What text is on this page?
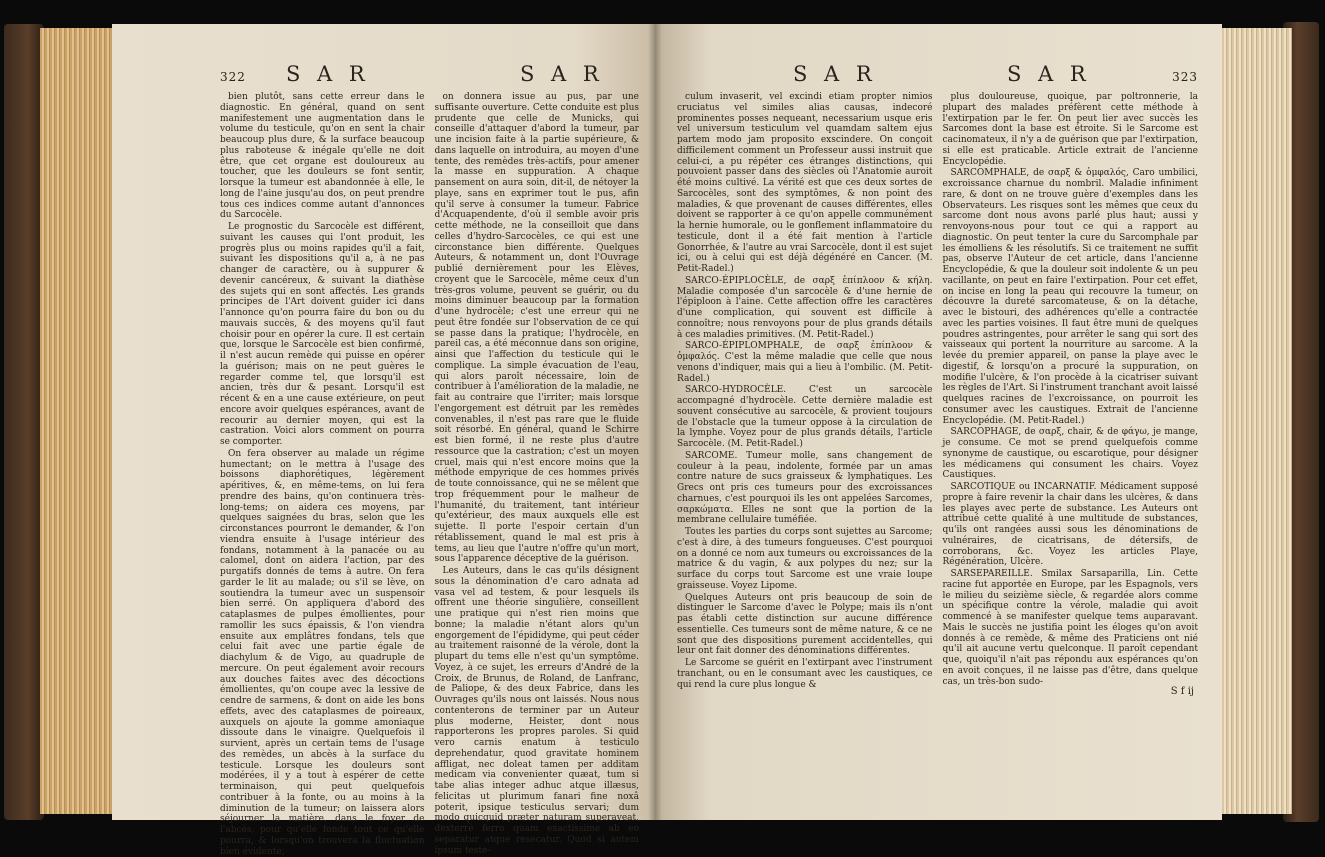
322 S A R	S A R

bien plutôt, sans cette erreur dans le diagnostic. En général, quand on sent manifestement une augmentation dans le volume du testicule, qu'on en sent la chair beaucoup plus dure, & la surface beaucoup plus raboteuse & inégale qu'elle ne doit être, que cet organe est douloureux au toucher, que les douleurs se font sentir, lorsque la tumeur est abandonnée à elle, le long de l'aine jusqu'au dos, on peut prendre tous ces indices comme autant d'annonces du Sarcocèle.

Le prognostic du Sarcocèle est différent, suivant les causes qui l'ont produit, les progrès plus ou moins rapides qu'il a fait, suivant les dispositions qu'il a, à ne pas changer de caractère, ou à suppurer & devenir cancéreux, & suivant la diathèse des sujets qui en sont affectés. Les grands principes de l'Art doivent guider ici dans l'annonce qu'on pourra faire du bon ou du mauvais succès, & des moyens qu'il faut choisir pour en opérer la cure. Il est certain que, lorsque le Sarcocèle est bien confirmé, il n'est aucun remède qui puisse en opérer la guérison; mais on ne peut guères le regarder comme tel, que lorsqu'il est ancien, très dur & pesant. Lorsqu'il est récent & en a une cause extérieure, on peut encore avoir quelques espérances, avant de recourir au dernier moyen, qui est la castration. Voici alors comment on pourra se comporter.

On fera observer au malade un régime humectant; on le mettra à l'usage des boissons diaphorétiques, légèrement apéritives, &, en même-tems, on lui fera prendre des bains, qu'on continuera très-long-tems; on aidera ces moyens, par quelques saignées du bras, selon que les circonstances pourront le demander, & l'on viendra ensuite à l'usage intérieur des fondans, notamment à la panacée ou au calomel, dont on aidera l'action, par des purgatifs donnés de tems à autre. On fera garder le lit au malade; ou s'il se lève, on soutiendra la tumeur avec un suspensoir bien serré. On appliquera d'abord des cataplasmes de pulpes émollientes, pour ramollir les sucs épaissis, & l'on viendra ensuite aux emplâtres fondans, tels que celui fait avec une partie égale de diachylum & de Vigo, au quadruple de mercure. On peut également avoir recours aux douches faites avec des décoctions émollientes, qu'on coupe avec la lessive de cendre de sarmens, & dont on aide les bons effets, avec des cataplasmes de poireaux, auxquels on ajoute la gomme amoniaque dissoute dans le vinaigre. Quelquefois il survient, après un certain tems de l'usage des remèdes, un abcès à la surface du testicule. Lorsque les douleurs sont modérées, il y a tout à espérer de cette terminaison, qui peut quelquefois contribuer à la fonte, ou au moins à la diminution de la tumeur; on laissera alors séjourner la matière, dans le foyer de l'abcès, pour qu'elle fonde tout ce qu'elle pourra, & lorsqu'on trouvera la fluctuation bien évidente,

on donnera issue au pus, par une suffisante ouverture. Cette conduite est plus prudente que celle de Municks, qui conseille d'attaquer d'abord la tumeur, par une incision faite à la partie supérieure, & dans laquelle on introduira, au moyen d'une tente, des remèdes très-actifs, pour amener la masse en suppuration. A chaque pansement on aura soin, dit-il, de nétoyer la playe, sans en exprimer tout le pus, afin qu'il serve à consumer la tumeur. Fabrice d'Acquapendente, d'où il semble avoir pris cette méthode, ne la conseilloit que dans celles d'hydro-Sarcocèles, ce qui est une circonstance bien différente. Quelques Auteurs, & notamment un, dont l'Ouvrage publié dernièrement pour les Elèves, croyent que le Sarcocèle, même ceux d'un très-gros volume, peuvent se guérir, ou du moins diminuer beaucoup par la formation d'une hydrocèle; c'est une erreur qui ne peut être fondée sur l'observation de ce qui se passe dans la pratique; l'hydrocèle, en pareil cas, a été méconnue dans son origine, ainsi que l'affection du testicule qui le complique. La simple évacuation de l'eau, qui alors paroît nécessaire, loin de contribuer à l'amélioration de la maladie, ne fait au contraire que l'irriter; mais lorsque l'engorgement est détruit par les remèdes convenables, il n'est pas rare que le fluide soit résorbé. En général, quand le Schirre est bien formé, il ne reste plus d'autre ressource que la castration; c'est un moyen cruel, mais qui n'est encore moins que la méthode empyrique de ces hommes privés de toute connoissance, qui ne se mêlent que trop fréquemment pour le malheur de l'humanité, du traitement, tant intérieur qu'extérieur, des maux auxquels elle est sujette. Il porte l'espoir certain d'un rétablissement, quand le mal est pris à tems, au lieu que l'autre n'offre qu'un mort, sous l'apparence déceptive de la guérison.

Les Auteurs, dans le cas qu'ils désignent sous la dénomination d'e caro adnata ad vasa vel ad testem, & pour lesquels ils offrent une théorie singulière, conseillent une pratique qui n'est rien moins que bonne; la maladie n'étant alors qu'un engorgement de l'épididyme, qui peut céder au traitement raisonné de la vérole, dont la plupart du tems elle n'est qu'un symptôme. Voyez, à ce sujet, les erreurs d'André de la Croix, de Brunus, de Roland, de Lanfranc, de Paliope, & des deux Fabrice, dans les Ouvrages qu'ils nous ont laissés. Nous nous contenterons de terminer par un Auteur plus moderne, Heister, dont nous rapporterons les propres paroles. Si quid vero carnis enatum à testiculo deprehendatur, quod gravitate hominem affligat, nec doleat tamen per additam medicam via convenienter quæat, tum si tabe alias integer adhuc atque illæsus, felicitas ut plurimum fanari fine noxâ poterit, ipsique testiculus servari; dum modo quicquid præter naturam superaveat, dexterrè ferro quam exactissime ab eo separatur atque resecatur. Quod si autem ipsum teste-

S A R	S A R	323

culum invaserit, vel excindi etiam propter nimios cruciatus vel similes alias causas, indecoré prominentes posses nequeant, necessarium usque eris vel universum testiculum vel quamdam saltem ejus partem modo jam proposito exscindere. On conçoit difficilement comment un Professeur aussi instruit que celui-ci, a pu répéter ces étranges distinctions, qui pouvoient passer dans des siècles où l'Anatomie auroit été moins cultivé. La vérité est que ces deux sortes de Sarcocèles, sont des symptômes, & non point des maladies, & que provenant de causes différentes, elles doivent se rapporter à ce qu'on appelle communément la hernie humorale, ou le gonflement inflammatoire du testicule, dont il a été fait mention à l'article Gonorrhée, & l'autre au vrai Sarcocèle, dont il est sujet ici, ou à celui qui est déjà dégénéré en Cancer. (M. Petit-Radel.)

SARCO-ÉPIPLOCÈLE, de σαρξ ἐπίπλοον & κήλη. Maladie composée d'un sarcocèle & d'une hernie de l'épiploon à l'aine. Cette affection offre les caractères d'une complication, qui souvent est difficile à connoître; nous renvoyons pour de plus grands détails à ces maladies primitives. (M. Petit-Radel.)

SARCO-ÉPIPLOMPHALE, de σαρξ ἐπίπλοον & ὀμφαλός. C'est la même maladie que celle que nous venons d'indiquer, mais qui a lieu à l'ombilic. (M. Petit-Radel.)

SARCO-HYDROCÈLE. C'est un sarcocèle accompagné d'hydrocèle. Cette dernière maladie est souvent consécutive au sarcocèle, & provient toujours de l'obstacle que la tumeur oppose à la circulation de la lymphe. Voyez pour de plus grands détails, l'article Sarcocèle. (M. Petit-Radel.)

SARCOME. Tumeur molle, sans changement de couleur à la peau, indolente, formée par un amas contre nature de sucs graisseux & lymphatiques. Les Grecs ont pris ces tumeurs pour des excroissances charnues, c'est pourquoi ils les ont appelées Sarcomes, σαρκώματα. Elles ne sont que la portion de la membrane cellulaire tuméfiée.

Toutes les parties du corps sont sujettes au Sarcome; c'est à dire, à des tumeurs fongueuses. C'est pourquoi on a donné ce nom aux tumeurs ou excroissances de la matrice & du vagin, & aux polypes du nez; sur la surface du corps tout Sarcome est une vraie loupe graisseuse. Voyez Lipome.

Quelques Auteurs ont pris beaucoup de soin de distinguer le Sarcome d'avec le Polype; mais ils n'ont pas établi cette distinction sur aucune différence essentielle. Ces tumeurs sont de même nature, & ce ne sont que des dispositions purement accidentelles, qui leur ont fait donner des dénominations différentes.

Le Sarcome se guérit en l'extirpant avec l'instrument tranchant, ou en le consumant avec les caustiques, ce qui rend la cure plus longue &

plus douloureuse, quoique, par poltronnerie, la plupart des malades préfèrent cette méthode à l'extirpation par le fer. On peut lier avec succès les Sarcomes dont la base est étroite. Si le Sarcome est cacinomateux, il n'y a de guérison que par l'extirpation, si elle est praticable. Article extrait de l'ancienne Encyclopédie.

SARCOMPHALE, de σαρξ & ὀμφαλός, Caro umbilici, excroissance charnue du nombril. Maladie infiniment rare, & dont on ne trouve guère d'exemples dans les Observateurs. Les risques sont les mêmes que ceux du sarcome dont nous avons parlé plus haut; aussi y renvoyons-nous pour tout ce qui a rapport au diagnostic. On peut tenter la cure du Sarcomphale par les émolliens & les résolutifs. Si ce traitement ne suffit pas, observe l'Auteur de cet article, dans l'ancienne Encyclopédie, & que la douleur soit indolente & un peu vacillante, on peut en faire l'extirpation. Pour cet effet, on incise en long la peau qui recouvre la tumeur, on découvre la dureté sarcomateuse, & on la détache, avec le bistouri, des adhérences qu'elle a contractée avec les parties voisines. Il faut être muni de quelques poudres astringentes, pour arrêter le sang qui sort des vaisseaux qui portent la nourriture au sarcome. A la levée du premier appareil, on panse la playe avec le digestif, & lorsqu'on a procuré la suppuration, on modifie l'ulcère, & l'on procède à la cicatriser suivant les règles de l'Art. Si l'instrument tranchant avoit laissé quelques racines de l'excroissance, on pourroit les consumer avec les caustiques. Extrait de l'ancienne Encyclopédie. (M. Petit-Radel.)

SARCOPHAGE, de σαρξ, chair, & de φάγω, je mange, je consume. Ce mot se prend quelquefois comme synonyme de caustique, ou escarotique, pour désigner les médicamens qui consument les chairs. Voyez Caustiques.

SARCOTIQUE ou INCARNATIF. Médicament supposé propre à faire revenir la chair dans les ulcères, & dans les playes avec perte de substance. Les Auteurs ont attribué cette qualité à une multitude de substances, qu'ils ont rangées aussi sous les dénominations de vulnéraires, de cicatrisans, de détersifs, de corroborans, &c. Voyez les articles Playe, Régénération, Ulcère.

SARSEPAREILLE. Smilax Sarsaparilla, Lin. Cette racine fut apportée en Europe, par les Espagnols, vers le milieu du seizième siècle, & regardée alors comme un spécifique contre la vérole, maladie qui avoit commencé à se manifester quelque tems auparavant. Mais le succès ne justifia point les éloges qu'on avoit donnés à ce remède, & même des Praticiens ont nié qu'il ait aucune vertu quelconque. Il paroît cependant que, quoiqu'il n'ait pas répondu aux espérances qu'on en avoit conçues, il ne laisse pas d'être, dans quelque cas, un très-bon sudo-

S f ij
